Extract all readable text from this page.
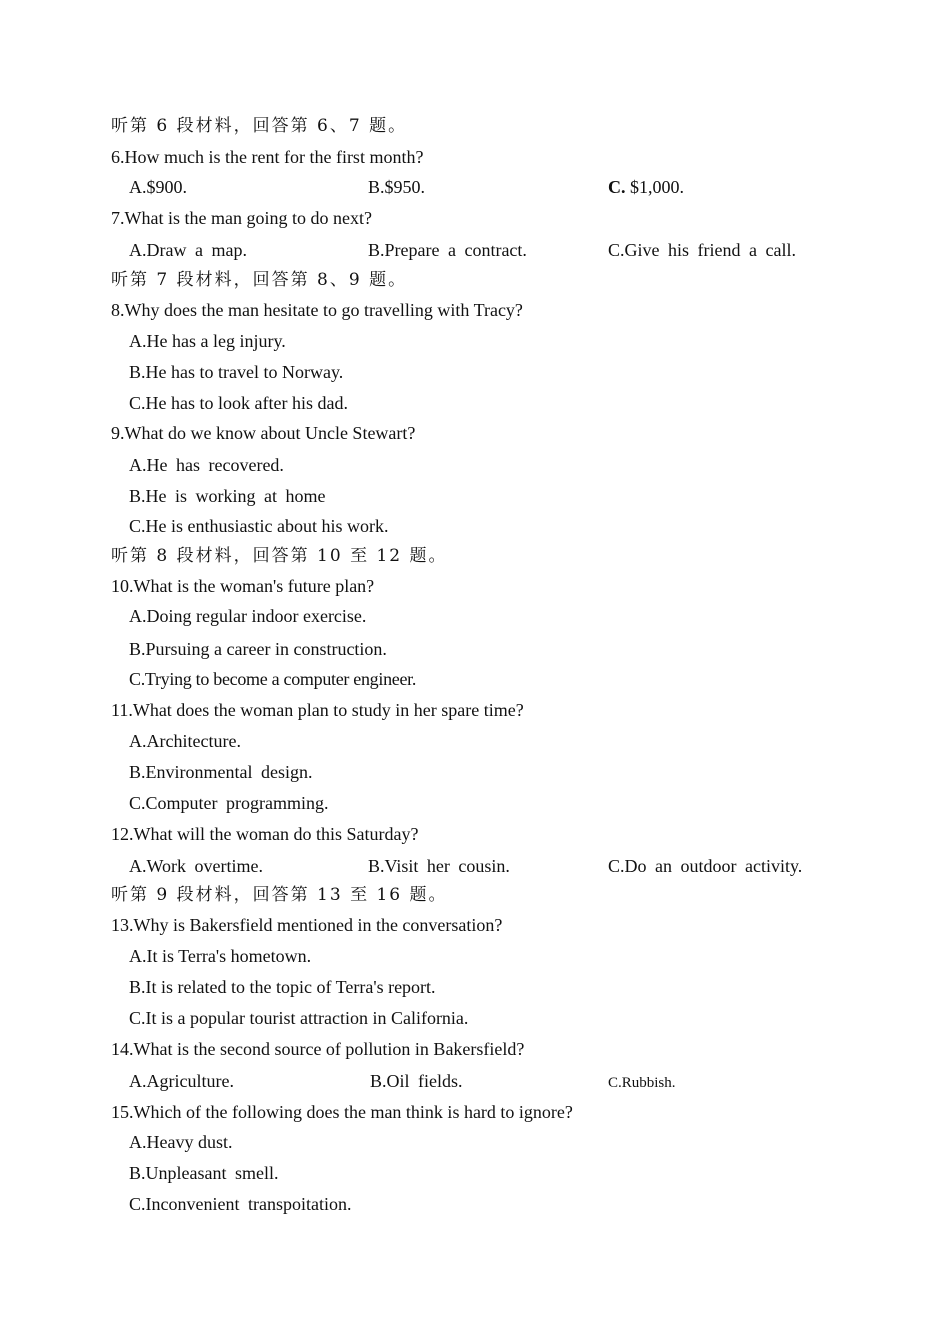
听第 6 段材料，回答第 6、7 题。
6.How much is the rent for the first month?
A.$900.	B.$950.	C. $1,000.
7.What is the man going to do next?
A.Draw a map.	B.Prepare a contract.	C.Give his friend a call.
听第 7 段材料，回答第 8、9 题。
8.Why does the man hesitate to go travelling with Tracy?
A.He has a leg injury.
B.He has to travel to Norway.
C.He has to look after his dad.
9.What do we know about Uncle Stewart?
A.He has recovered.
B.He is working at home
C.He is enthusiastic about his work.
听第 8 段材料，回答第 10 至 12 题。
10.What is the woman's future plan?
A.Doing regular indoor exercise.
B.Pursuing a career in construction.
C.Trying to become a computer engineer.
11.What does the woman plan to study in her spare time?
A.Architecture.
B.Environmental design.
C.Computer programming.
12.What will the woman do this Saturday?
A.Work overtime.	B.Visit her cousin.	C.Do an outdoor activity.
听第 9 段材料，回答第 13 至 16 题。
13.Why is Bakersfield mentioned in the conversation?
A.It is Terra's hometown.
B.It is related to the topic of Terra's report.
C.It is a popular tourist attraction in California.
14.What is the second source of pollution in Bakersfield?
A.Agriculture.	B.Oil fields.	C.Rubbish.
15.Which of the following does the man think is hard to ignore?
A.Heavy dust.
B.Unpleasant smell.
C.Inconvenient transpoitation.
